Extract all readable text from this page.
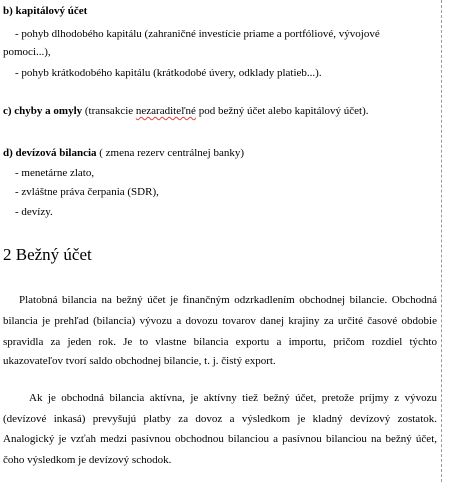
b) kapitálový účet
- pohyb dlhodobého kapitálu (zahraničné investície priame a portfóliové, vývojové
pomoci...),
- pohyb krátkodobého kapitálu (krátkodobé úvery, odklady platieb...).
c) chyby a omyly (transakcie nezaraditeľné pod bežný účet alebo kapitálový účet).
d) devízová bilancia ( zmena rezerv centrálnej banky)
- menetárne zlato,
- zvláštne práva čerpania (SDR),
- devízy.
2 Bežný účet
Platobná bilancia na bežný účet je finančným odzrkadlením obchodnej bilancie. Obchodná
bilancia je prehľad (bilancia) vývozu a dovozu tovarov danej krajiny za určité časové obdobie
spravidla za jeden rok. Je to vlastne bilancia exportu a importu, pričom rozdiel týchto
ukazovateľov tvorí saldo obchodnej bilancie, t. j. čistý export.
Ak je obchodná bilancia aktívna, je aktívny tiež bežný účet, pretože príjmy z vývozu
(devízové inkasá) prevyšujú platby za dovoz a výsledkom je kladný devízový zostatok.
Analogický je vzťah medzi pasívnou obchodnou bilanciou a pasívnou bilanciou na bežný účet,
čoho výsledkom je devízový schodok.
